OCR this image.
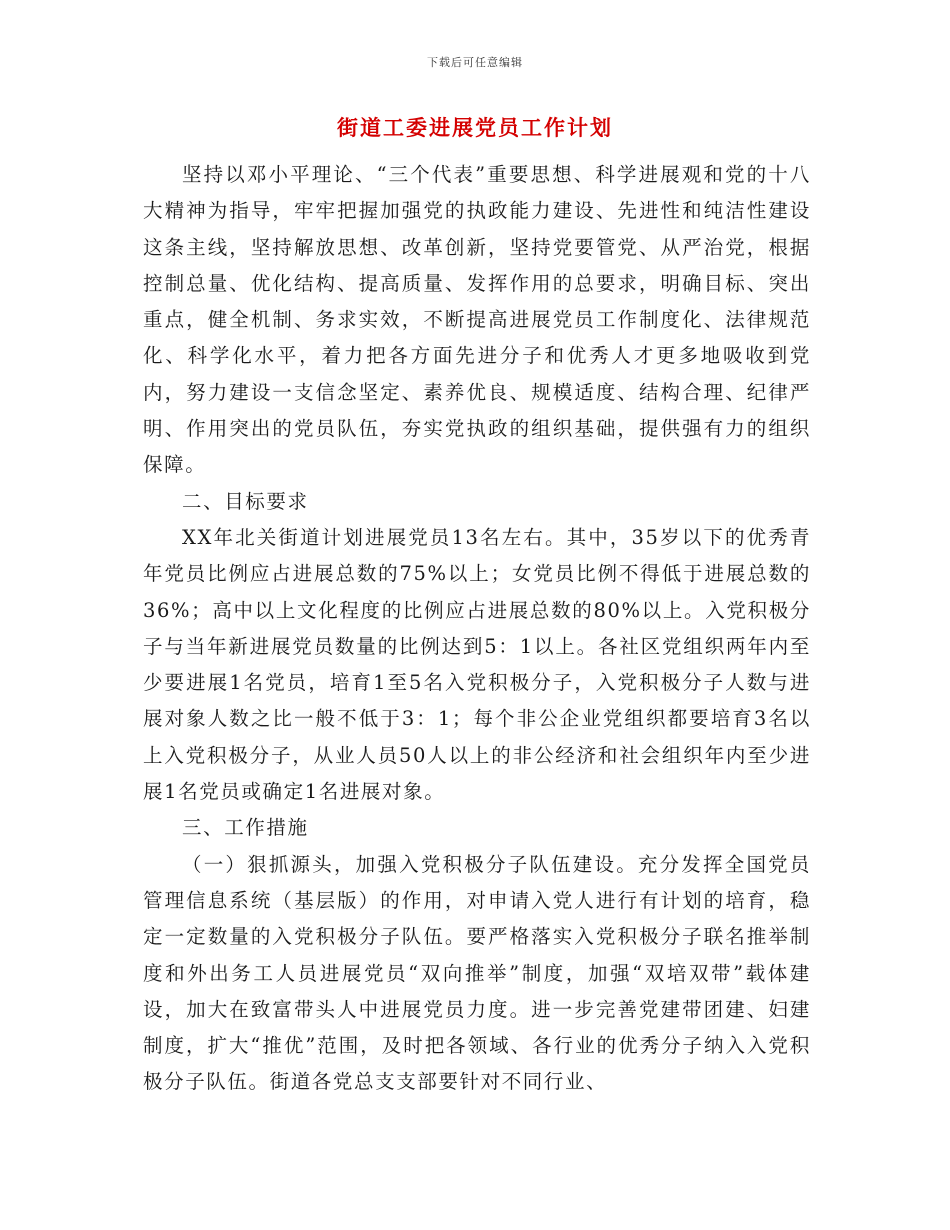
下载后可任意编辑
街道工委进展党员工作计划

坚持以邓小平理论、“三个代表”重要思想、科学进展观和党的十八大精神为指导，牢牢把握加强党的执政能力建设、先进性和纯洁性建设这条主线，坚持解放思想、改革创新，坚持党要管党、从严治党，根据控制总量、优化结构、提高质量、发挥作用的总要求，明确目标、突出重点，健全机制、务求实效，不断提高进展党员工作制度化、法律规范化、科学化水平，着力把各方面先进分子和优秀人才更多地吸收到党内，努力建设一支信念坚定、素养优良、规模适度、结构合理、纪律严明、作用突出的党员队伍，夯实党执政的组织基础，提供强有力的组织保障。

二、目标要求

XX年北关街道计划进展党员13名左右。其中，35岁以下的优秀青年党员比例应占进展总数的75%以上；女党员比例不得低于进展总数的36%；高中以上文化程度的比例应占进展总数的80%以上。入党积极分子与当年新进展党员数量的比例达到5：1以上。各社区党组织两年内至少要进展1名党员，培育1至5名入党积极分子，入党积极分子人数与进展对象人数之比一般不低于3：1；每个非公企业党组织都要培育3名以上入党积极分子，从业人员50人以上的非公经济和社会组织年内至少进展1名党员或确定1名进展对象。

三、工作措施

（一）狠抓源头，加强入党积极分子队伍建设。充分发挥全国党员管理信息系统（基层版）的作用，对申请入党人进行有计划的培育，稳定一定数量的入党积极分子队伍。要严格落实入党积极分子联名推举制度和外出务工人员进展党员“双向推举”制度，加强“双培双带”载体建设，加大在致富带头人中进展党员力度。进一步完善党建带团建、妇建制度，扩大“推优”范围，及时把各领域、各行业的优秀分子纳入入党积极分子队伍。街道各党总支支部要针对不同行业、
